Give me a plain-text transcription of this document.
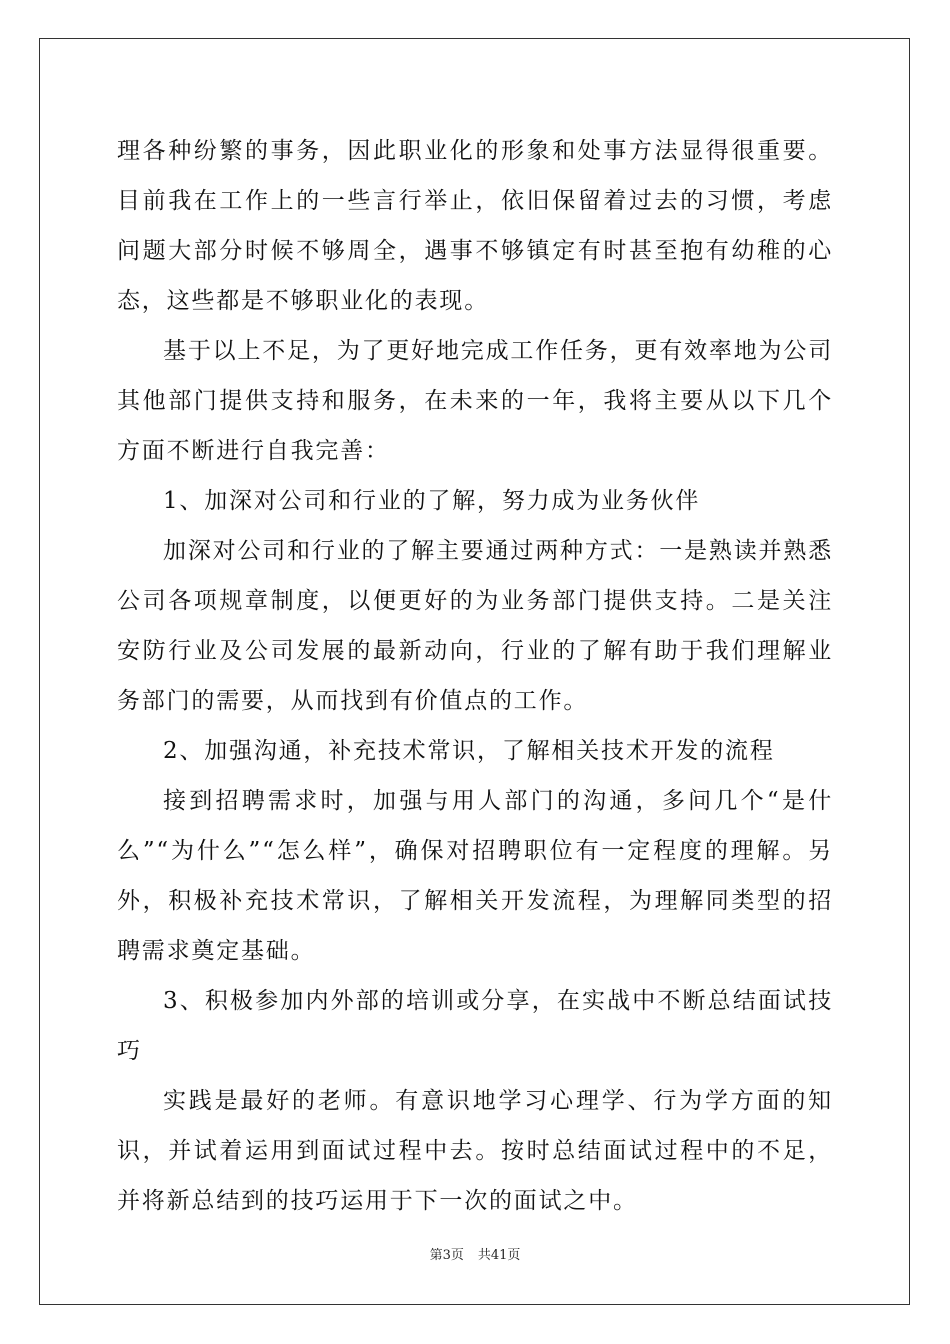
理各种纷繁的事务，因此职业化的形象和处事方法显得很重要。目前我在工作上的一些言行举止，依旧保留着过去的习惯，考虑问题大部分时候不够周全，遇事不够镇定有时甚至抱有幼稚的心态，这些都是不够职业化的表现。

基于以上不足，为了更好地完成工作任务，更有效率地为公司其他部门提供支持和服务，在未来的一年，我将主要从以下几个方面不断进行自我完善：

1、加深对公司和行业的了解，努力成为业务伙伴

加深对公司和行业的了解主要通过两种方式：一是熟读并熟悉公司各项规章制度，以便更好的为业务部门提供支持。二是关注安防行业及公司发展的最新动向，行业的了解有助于我们理解业务部门的需要，从而找到有价值点的工作。

2、加强沟通，补充技术常识，了解相关技术开发的流程

接到招聘需求时，加强与用人部门的沟通，多问几个“是什么”“为什么”“怎么样”，确保对招聘职位有一定程度的理解。另外，积极补充技术常识，了解相关开发流程，为理解同类型的招聘需求奠定基础。

3、积极参加内外部的培训或分享，在实战中不断总结面试技巧

实践是最好的老师。有意识地学习心理学、行为学方面的知识，并试着运用到面试过程中去。按时总结面试过程中的不足，并将新总结到的技巧运用于下一次的面试之中。

第3页 共41页
